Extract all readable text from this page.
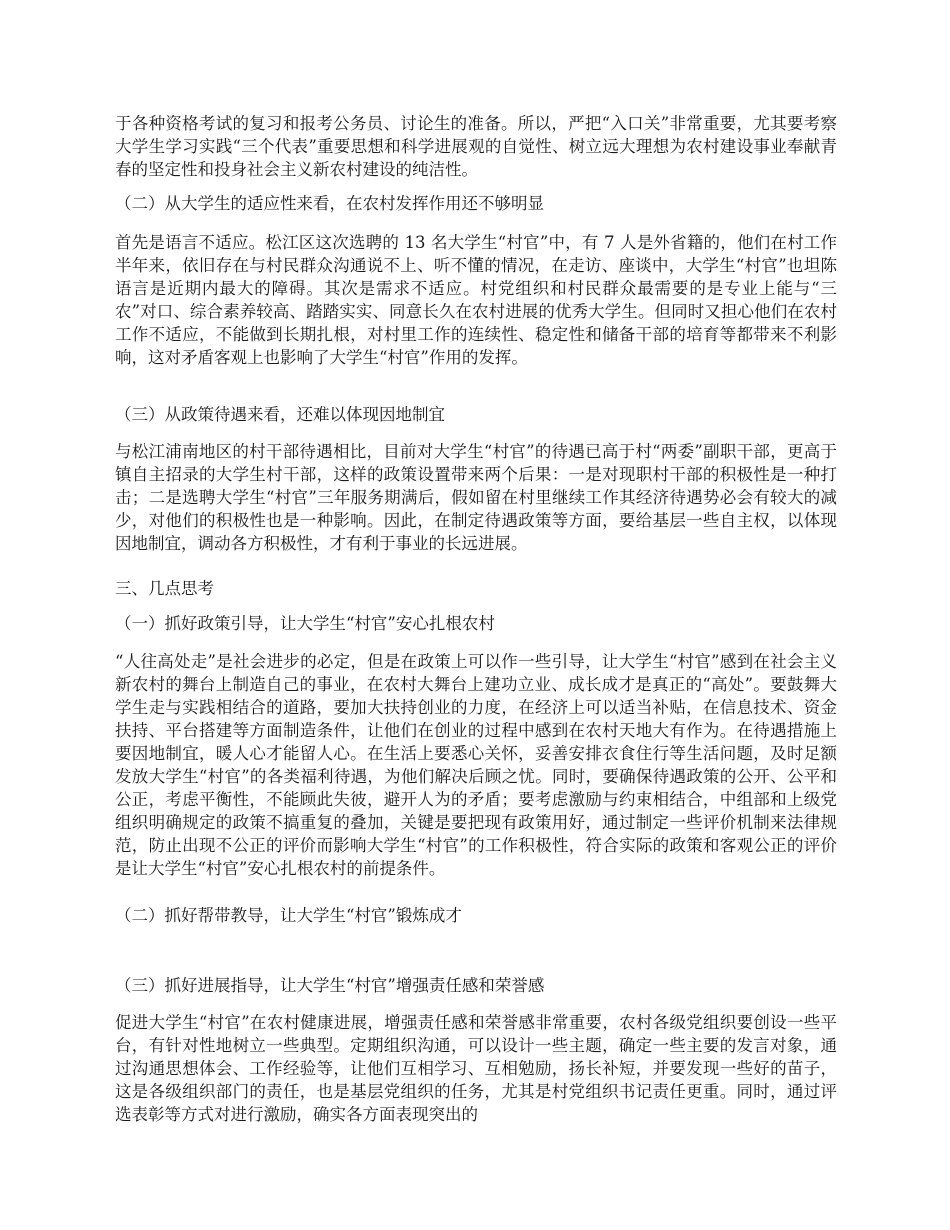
于各种资格考试的复习和报考公务员、讨论生的准备。所以，严把“入口关”非常重要，尤其要考察大学生学习实践“三个代表”重要思想和科学进展观的自觉性、树立远大理想为农村建设事业奉献青春的坚定性和投身社会主义新农村建设的纯洁性。

（二）从大学生的适应性来看，在农村发挥作用还不够明显

首先是语言不适应。松江区这次选聘的 13 名大学生“村官”中，有 7 人是外省籍的，他们在村工作半年来，依旧存在与村民群众沟通说不上、听不懂的情况，在走访、座谈中，大学生“村官”也坦陈语言是近期内最大的障碍。其次是需求不适应。村党组织和村民群众最需要的是专业上能与“三农”对口、综合素养较高、踏踏实实、同意长久在农村进展的优秀大学生。但同时又担心他们在农村工作不适应，不能做到长期扎根，对村里工作的连续性、稳定性和储备干部的培育等都带来不利影响，这对矛盾客观上也影响了大学生“村官”作用的发挥。

（三）从政策待遇来看，还难以体现因地制宜

与松江浦南地区的村干部待遇相比，目前对大学生“村官”的待遇已高于村“两委”副职干部，更高于镇自主招录的大学生村干部，这样的政策设置带来两个后果：一是对现职村干部的积极性是一种打击；二是选聘大学生“村官”三年服务期满后，假如留在村里继续工作其经济待遇势必会有较大的减少，对他们的积极性也是一种影响。因此，在制定待遇政策等方面，要给基层一些自主权，以体现因地制宜，调动各方积极性，才有利于事业的长远进展。

三、几点思考

（一）抓好政策引导，让大学生“村官”安心扎根农村

“人往高处走”是社会进步的必定，但是在政策上可以作一些引导，让大学生“村官”感到在社会主义新农村的舞台上制造自己的事业，在农村大舞台上建功立业、成长成才是真正的“高处”。要鼓舞大学生走与实践相结合的道路，要加大扶持创业的力度，在经济上可以适当补贴，在信息技术、资金扶持、平台搭建等方面制造条件，让他们在创业的过程中感到在农村天地大有作为。在待遇措施上要因地制宜，暖人心才能留人心。在生活上要悉心关怀，妥善安排衣食住行等生活问题，及时足额发放大学生“村官”的各类福利待遇，为他们解决后顾之忧。同时，要确保待遇政策的公开、公平和公正，考虑平衡性，不能顾此失彼，避开人为的矛盾；要考虑激励与约束相结合，中组部和上级党组织明确规定的政策不搞重复的叠加，关键是要把现有政策用好，通过制定一些评价机制来法律规范，防止出现不公正的评价而影响大学生“村官”的工作积极性，符合实际的政策和客观公正的评价是让大学生“村官”安心扎根农村的前提条件。

（二）抓好帮带教导，让大学生“村官”锻炼成才

（三）抓好进展指导，让大学生“村官”增强责任感和荣誉感

促进大学生“村官”在农村健康进展，增强责任感和荣誉感非常重要，农村各级党组织要创设一些平台，有针对性地树立一些典型。定期组织沟通，可以设计一些主题，确定一些主要的发言对象，通过沟通思想体会、工作经验等，让他们互相学习、互相勉励，扬长补短，并要发现一些好的苗子，这是各级组织部门的责任，也是基层党组织的任务，尤其是村党组织书记责任更重。同时，通过评选表彰等方式对进行激励，确实各方面表现突出的
